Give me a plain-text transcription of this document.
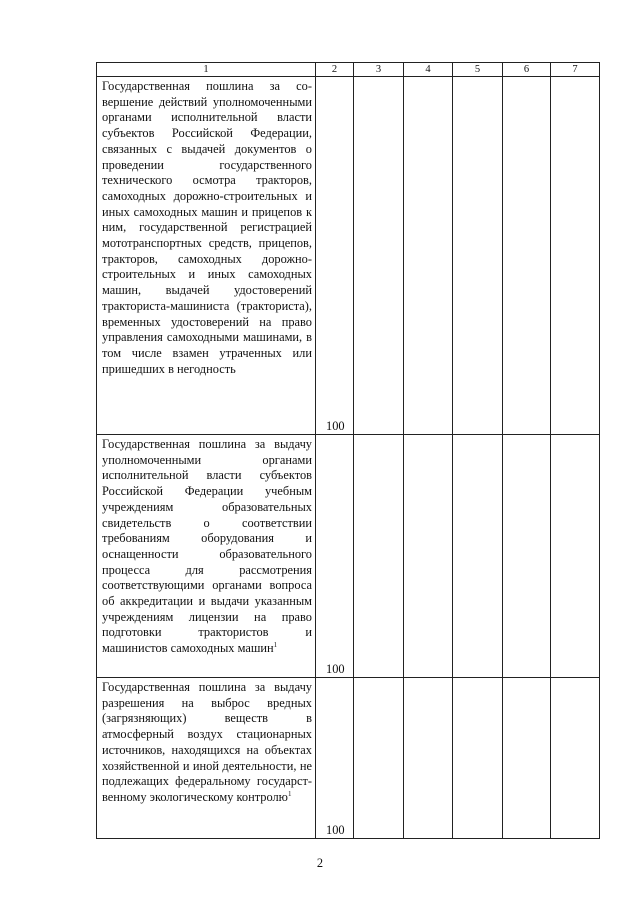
1	2	3	4	5	6	7
Государственная пошлина за совершение действий уполномоченными органами исполнительной власти субъектов Российской Федерации, связанных с выдачей документов о проведении государственного технического осмотра тракторов, самоходных дорожно-строительных и иных самоходных машин и прицепов к ним, государственной регистрацией мототранспортных средств, прицепов, тракторов, самоходных дорожно-строительных и иных самоходных машин, выдачей удостоверений тракториста-машиниста (тракториста), временных удостоверений на право управления самоходными машинами, в том числе взамен утраченных или пришедших в негодность	100					

Государственная пошлина за выдачу уполномоченными органами исполнительной власти субъектов Российской Федерации учебным учреждениям образовательных свидетельств о соответствии требованиям оборудования и оснащенности образовательного процесса для рассмотрения соответствующими органами вопроса об аккредитации и выдачи указанным учреждениям лицензии на право подготовки трактористов и машинистов самоходных машин$^1$	100					

Государственная пошлина за выдачу разрешения на выброс вредных (загрязняющих) веществ в атмосферный воздух стационарных источников, находящихся на объектах хозяйственной и иной деятельности, не подлежащих федеральному государственному экологическому контролю$^1$	100					

2
